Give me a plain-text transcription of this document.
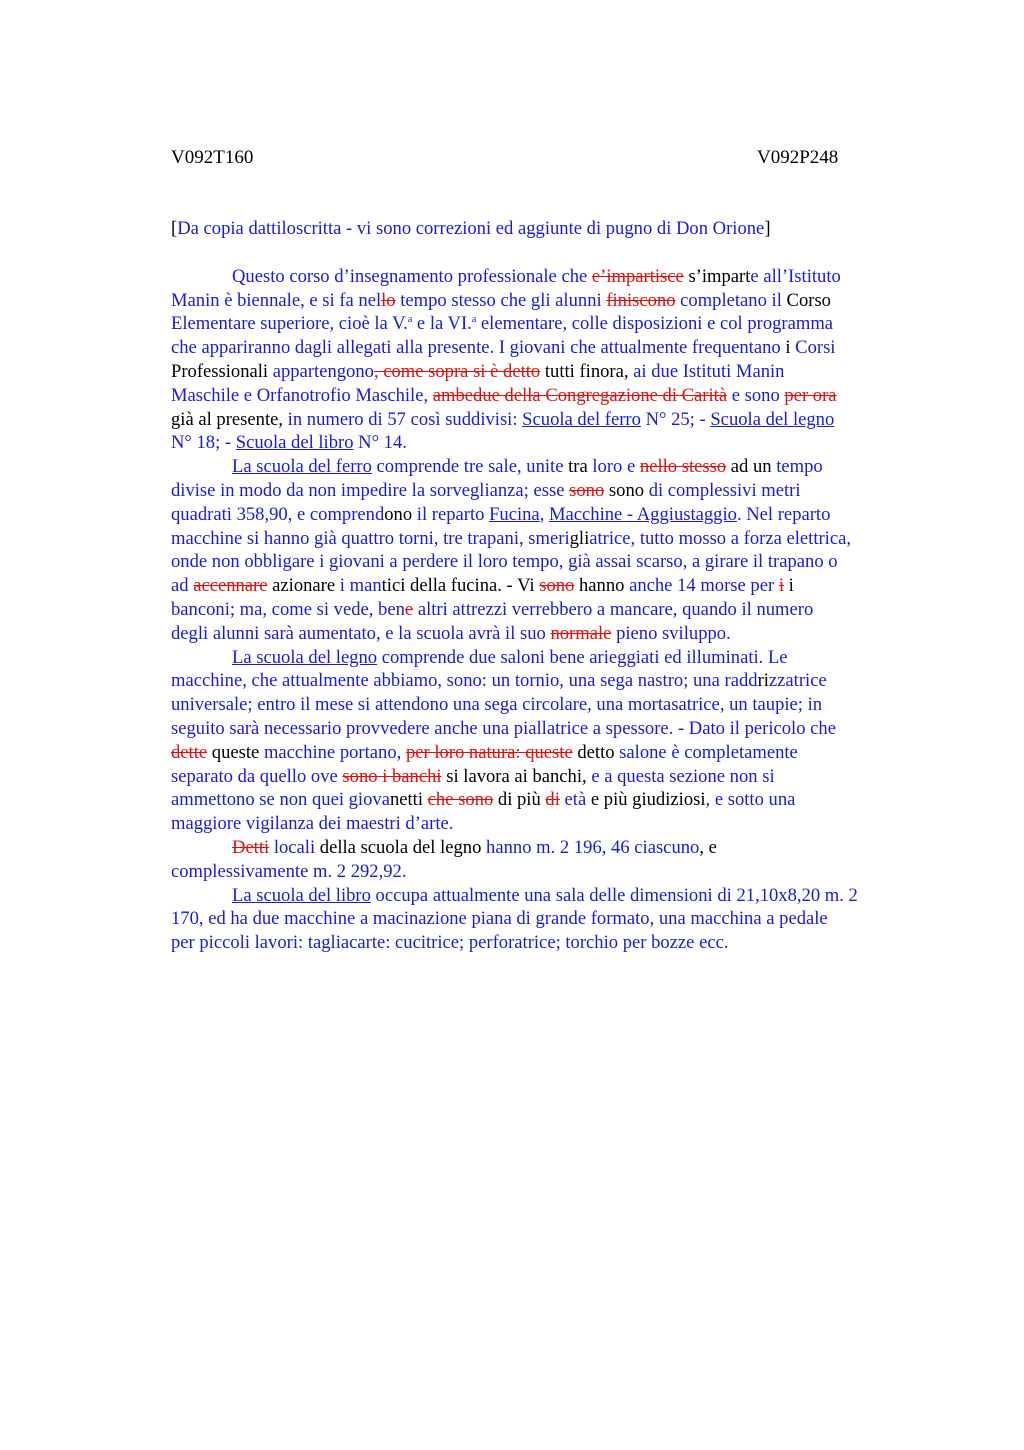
V092T160	V092P248
[Da copia dattiloscritta - vi sono correzioni ed aggiunte di pugno di Don Orione]

Questo corso d’insegnamento professionale che e’impartisce s’imparte all’Istituto
Manin è biennale, e si fa nello tempo stesso che gli alunni finiscono completano il Corso
Elementare superiore, cioè la V.$^a$ e la VI.$^a$ elementare, colle disposizioni e col programma
che appariranno dagli allegati alla presente. I giovani che attualmente frequentano i Corsi
Professionali appartengono, come sopra si è detto tutti finora, ai due Istituti Manin
Maschile e Orfanotrofio Maschile, ambedue della Congregazione di Carità e sono per ora
già al presente, in numero di 57 così suddivisi: Scuola del ferro N° 25; - Scuola del legno
N° 18; - Scuola del libro N° 14.

La scuola del ferro comprende tre sale, unite tra loro e nello stesso ad un tempo
divise in modo da non impedire la sorveglianza; esse sono sono di complessivi metri
quadrati 358,90, e comprendono il reparto Fucina, Macchine - Aggiustaggio. Nel reparto
macchine si hanno già quattro torni, tre trapani, smerigliatrice, tutto mosso a forza elettrica,
onde non obbligare i giovani a perdere il loro tempo, già assai scarso, a girare il trapano o
ad accennare azionare i mantici della fucina. - Vi sono hanno anche 14 morse per i i
banconi; ma, come si vede, bene altri attrezzi verrebbero a mancare, quando il numero
degli alunni sarà aumentato, e la scuola avrà il suo normale pieno sviluppo.

La scuola del legno comprende due saloni bene arieggiati ed illuminati. Le
macchine, che attualmente abbiamo, sono: un tornio, una sega nastro; una raddrizzatrice
universale; entro il mese si attendono una sega circolare, una mortasatrice, un taupie; in
seguito sarà necessario provvedere anche una piallatrice a spessore. - Dato il pericolo che
dette queste macchine portano, per loro natura: queste detto salone è completamente
separato da quello ove sono i banchi si lavora ai banchi, e a questa sezione non si
ammettono se non quei giovanetti che sono di più di età e più giudiziosi, e sotto una
maggiore vigilanza dei maestri d’arte.

Detti locali della scuola del legno hanno m. 2 196, 46 ciascuno, e
complessivamente m. 2 292,92.

La scuola del libro occupa attualmente una sala delle dimensioni di 21,10x8,20 m. 2
170, ed ha due macchine a macinazione piana di grande formato, una macchina a pedale
per piccoli lavori: tagliacarte: cucitrice; perforatrice; torchio per bozze ecc.
